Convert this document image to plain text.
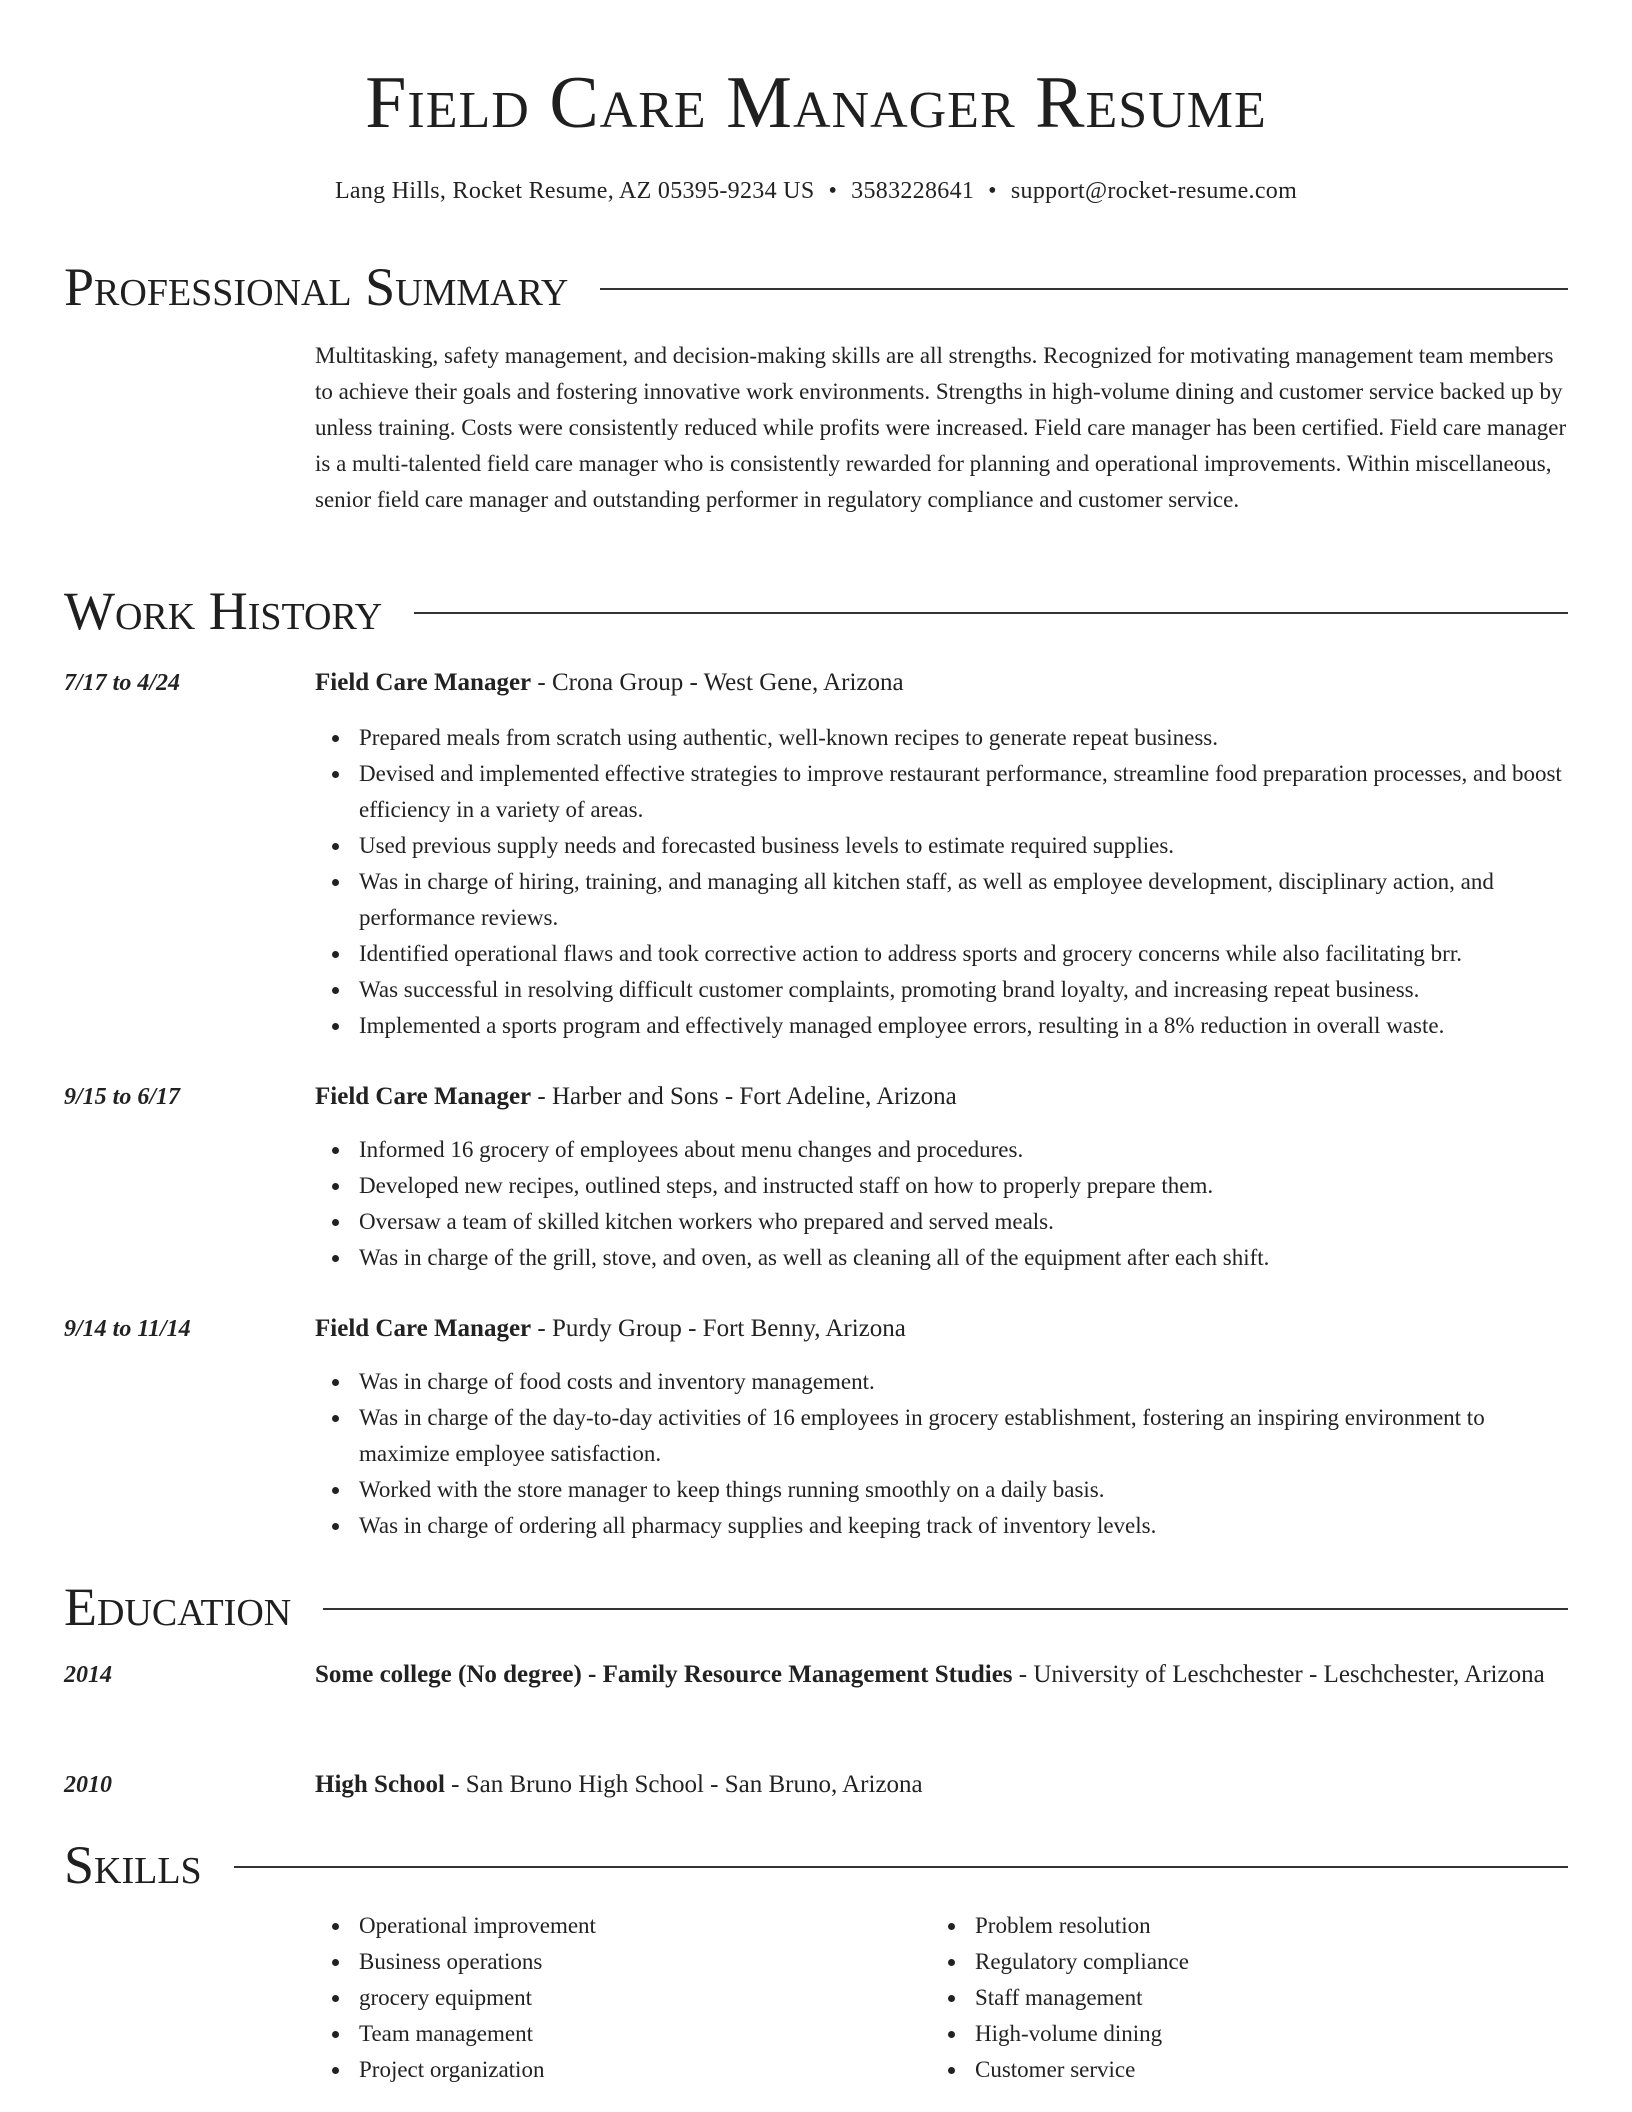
Field Care Manager Resume
Lang Hills, Rocket Resume, AZ 05395-9234 US • 3583228641 • support@rocket-resume.com
Professional Summary

Multitasking, safety management, and decision-making skills are all strengths. Recognized for motivating management team members to achieve their goals and fostering innovative work environments. Strengths in high-volume dining and customer service backed up by unless training. Costs were consistently reduced while profits were increased. Field care manager has been certified. Field care manager is a multi-talented field care manager who is consistently rewarded for planning and operational improvements. Within miscellaneous, senior field care manager and outstanding performer in regulatory compliance and customer service.

Work History
7/17 to 4/24	Field Care Manager - Crona Group - West Gene, Arizona
Prepared meals from scratch using authentic, well-known recipes to generate repeat business.
Devised and implemented effective strategies to improve restaurant performance, streamline food preparation processes, and boost efficiency in a variety of areas.
Used previous supply needs and forecasted business levels to estimate required supplies.
Was in charge of hiring, training, and managing all kitchen staff, as well as employee development, disciplinary action, and performance reviews.
Identified operational flaws and took corrective action to address sports and grocery concerns while also facilitating brr.
Was successful in resolving difficult customer complaints, promoting brand loyalty, and increasing repeat business.
Implemented a sports program and effectively managed employee errors, resulting in a 8% reduction in overall waste.
9/15 to 6/17	Field Care Manager - Harber and Sons - Fort Adeline, Arizona
Informed 16 grocery of employees about menu changes and procedures.
Developed new recipes, outlined steps, and instructed staff on how to properly prepare them.
Oversaw a team of skilled kitchen workers who prepared and served meals.
Was in charge of the grill, stove, and oven, as well as cleaning all of the equipment after each shift.
9/14 to 11/14	Field Care Manager - Purdy Group - Fort Benny, Arizona
Was in charge of food costs and inventory management.
Was in charge of the day-to-day activities of 16 employees in grocery establishment, fostering an inspiring environment to maximize employee satisfaction.
Worked with the store manager to keep things running smoothly on a daily basis.
Was in charge of ordering all pharmacy supplies and keeping track of inventory levels.
Education
2014	Some college (No degree) - Family Resource Management Studies - University of Leschchester - Leschchester, Arizona
2010	High School - San Bruno High School - San Bruno, Arizona
Skills
Operational improvement
Business operations
grocery equipment
Team management
Project organization
Problem resolution
Regulatory compliance
Staff management
High-volume dining
Customer service
